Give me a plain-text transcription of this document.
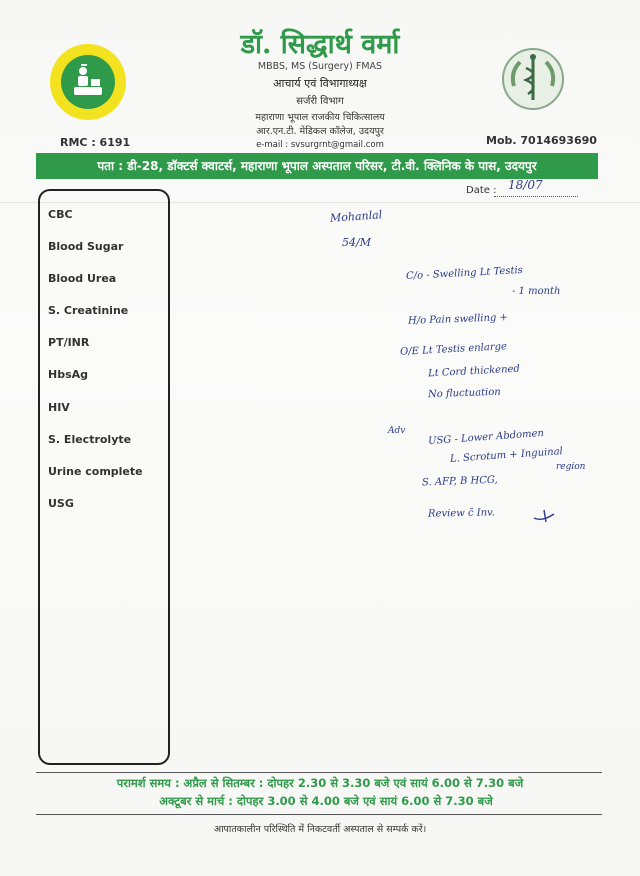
डॉ. सिद्धार्थ वर्मा
MBBS, MS (Surgery) FMAS
आचार्य एवं विभागाध्यक्ष
सर्जरी विभाग
महाराणा भूपाल राजकीय चिकित्सालय
आर.एन.टी. मेडिकल कॉलेज, उदयपुर
e-mail : svsurgrnt@gmail.com
RMC : 6191	Mob. 7014693690
पता : डी-28, डॉक्टर्स क्वाटर्स, महाराणा भूपाल अस्पताल परिसर, टी.वी. क्लिनिक के पास, उदयपुर
Date : 18/07
CBC
Blood Sugar
Blood Urea
S. Creatinine
PT/INR
HbsAg
HIV
S. Electrolyte
Urine complete
USG
Mohanlal
54/M
C/o - Swelling Lt Testis
- 1 month
H/o Pain swelling +
O/E Lt Testis enlarge
Lt Cord thickened
No fluctuation
Adv USG - Lower Abdomen
L. Scrotum + Inguinal
region
S. AFP, B HCG,
Review c̄ Inv.
परामर्श समय : अप्रैल से सितम्बर : दोपहर 2.30 से 3.30 बजे एवं सायं 6.00 से 7.30 बजे
अक्टूबर से मार्च : दोपहर 3.00 से 4.00 बजे एवं सायं 6.00 से 7.30 बजे
आपातकालीन परिस्थिति में निकटवर्ती अस्पताल से सम्पर्क करें।
